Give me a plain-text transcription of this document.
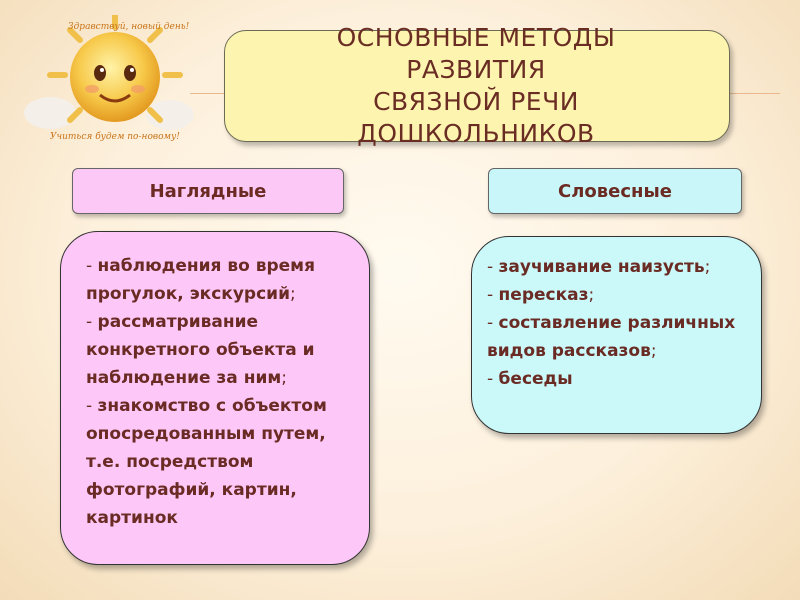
Здравствуй, новый день!
Учиться будем по-новому!
ОСНОВНЫЕ МЕТОДЫ
РАЗВИТИЯ
СВЯЗНОЙ РЕЧИ
ДОШКОЛЬНИКОВ
Наглядные	Словесные
- наблюдения во время прогулок, экскурсий;
- рассматривание конкретного объекта и наблюдение за ним;
- знакомство с объектом опосредованным путем, т.е. посредством фотографий, картин, картинок
- заучивание наизусть;
- пересказ;
- составление различных видов рассказов;
- беседы
